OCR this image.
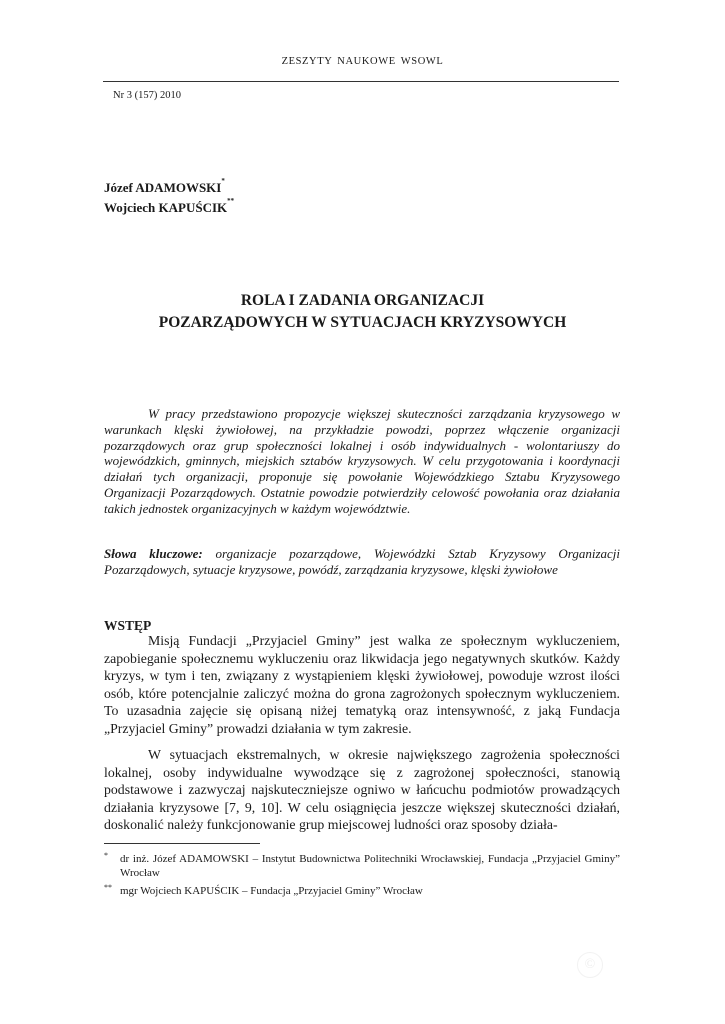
ZESZYTY NAUKOWE WSOWL
Nr 3 (157) 2010
Józef ADAMOWSKI*
Wojciech KAPUŚCIK**
ROLA I ZADANIA ORGANIZACJI
POZARZĄDOWYCH W SYTUACJACH KRYZYSOWYCH

W pracy przedstawiono propozycje większej skuteczności zarządzania kryzysowego w warunkach klęski żywiołowej, na przykładzie powodzi, poprzez włączenie organizacji pozarządowych oraz grup społeczności lokalnej i osób indywidualnych - wolontariuszy do wojewódzkich, gminnych, miejskich sztabów kryzysowych. W celu przygotowania i koordynacji działań tych organizacji, proponuje się powołanie Wojewódzkiego Sztabu Kryzysowego Organizacji Pozarządowych. Ostatnie powodzie potwierdziły celowość powołania oraz działania takich jednostek organizacyjnych w każdym województwie.

Słowa kluczowe: organizacje pozarządowe, Wojewódzki Sztab Kryzysowy Organizacji Pozarządowych, sytuacje kryzysowe, powódź, zarządzania kryzysowe, klęski żywiołowe

WSTĘP

Misją Fundacji „Przyjaciel Gminy” jest walka ze społecznym wykluczeniem, zapobieganie społecznemu wykluczeniu oraz likwidacja jego negatywnych skutków. Każdy kryzys, w tym i ten, związany z wystąpieniem klęski żywiołowej, powoduje wzrost ilości osób, które potencjalnie zaliczyć można do grona zagrożonych społecznym wykluczeniem. To uzasadnia zajęcie się opisaną niżej tematyką oraz intensywność, z jaką Fundacja „Przyjaciel Gminy” prowadzi działania w tym zakresie.

W sytuacjach ekstremalnych, w okresie największego zagrożenia społeczności lokalnej, osoby indywidualne wywodzące się z zagrożonej społeczności, stanowią podstawowe i zazwyczaj najskuteczniejsze ogniwo w łańcuchu podmiotów prowadzących działania kryzysowe [7, 9, 10]. W celu osiągnięcia jeszcze większej skuteczności działań, doskonalić należy funkcjonowanie grup miejscowej ludności oraz sposoby działa-

* dr inż. Józef ADAMOWSKI – Instytut Budownictwa Politechniki Wrocławskiej, Fundacja „Przyjaciel Gminy” Wrocław
** mgr Wojciech KAPUŚCIK – Fundacja „Przyjaciel Gminy” Wrocław
©
